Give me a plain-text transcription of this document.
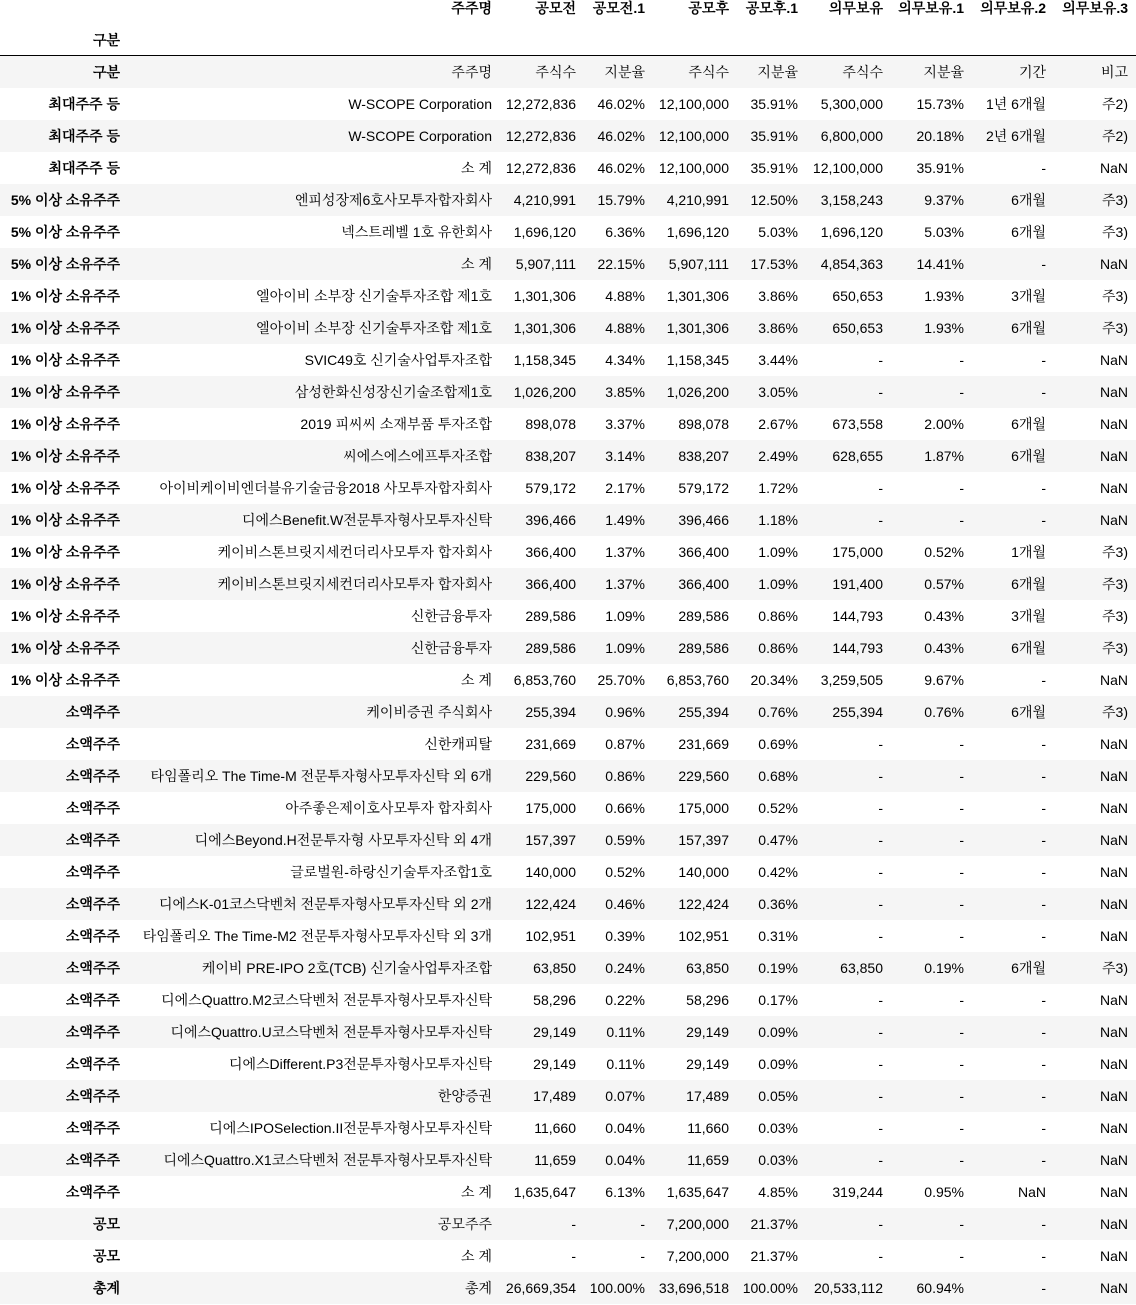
	주주명	공모전	공모전.1	공모후	공모후.1	의무보유	의무보유.1	의무보유.2	의무보유.3
구분									
구분	주주명	주식수	지분율	주식수	지분율	주식수	지분율	기간	비고
최대주주 등	W-SCOPE Corporation	12,272,836	46.02%	12,100,000	35.91%	5,300,000	15.73%	1년 6개월	주2)
최대주주 등	W-SCOPE Corporation	12,272,836	46.02%	12,100,000	35.91%	6,800,000	20.18%	2년 6개월	주2)
최대주주 등	소 계	12,272,836	46.02%	12,100,000	35.91%	12,100,000	35.91%	-	NaN
5% 이상 소유주주	엔피성장제6호사모투자합자회사	4,210,991	15.79%	4,210,991	12.50%	3,158,243	9.37%	6개월	주3)
5% 이상 소유주주	넥스트레벨 1호 유한회사	1,696,120	6.36%	1,696,120	5.03%	1,696,120	5.03%	6개월	주3)
5% 이상 소유주주	소 계	5,907,111	22.15%	5,907,111	17.53%	4,854,363	14.41%	-	NaN
1% 이상 소유주주	엘아이비 소부장 신기술투자조합 제1호	1,301,306	4.88%	1,301,306	3.86%	650,653	1.93%	3개월	주3)
1% 이상 소유주주	엘아이비 소부장 신기술투자조합 제1호	1,301,306	4.88%	1,301,306	3.86%	650,653	1.93%	6개월	주3)
1% 이상 소유주주	SVIC49호 신기술사업투자조합	1,158,345	4.34%	1,158,345	3.44%	-	-	-	NaN
1% 이상 소유주주	삼성한화신성장신기술조합제1호	1,026,200	3.85%	1,026,200	3.05%	-	-	-	NaN
1% 이상 소유주주	2019 피씨씨 소재부품 투자조합	898,078	3.37%	898,078	2.67%	673,558	2.00%	6개월	NaN
1% 이상 소유주주	씨에스에스에프투자조합	838,207	3.14%	838,207	2.49%	628,655	1.87%	6개월	NaN
1% 이상 소유주주	아이비케이비엔더블유기술금융2018 사모투자합자회사	579,172	2.17%	579,172	1.72%	-	-	-	NaN
1% 이상 소유주주	디에스Benefit.W전문투자형사모투자신탁	396,466	1.49%	396,466	1.18%	-	-	-	NaN
1% 이상 소유주주	케이비스톤브릿지세컨더리사모투자 합자회사	366,400	1.37%	366,400	1.09%	175,000	0.52%	1개월	주3)
1% 이상 소유주주	케이비스톤브릿지세컨더리사모투자 합자회사	366,400	1.37%	366,400	1.09%	191,400	0.57%	6개월	주3)
1% 이상 소유주주	신한금융투자	289,586	1.09%	289,586	0.86%	144,793	0.43%	3개월	주3)
1% 이상 소유주주	신한금융투자	289,586	1.09%	289,586	0.86%	144,793	0.43%	6개월	주3)
1% 이상 소유주주	소 계	6,853,760	25.70%	6,853,760	20.34%	3,259,505	9.67%	-	NaN
소액주주	케이비증권 주식회사	255,394	0.96%	255,394	0.76%	255,394	0.76%	6개월	주3)
소액주주	신한캐피탈	231,669	0.87%	231,669	0.69%	-	-	-	NaN
소액주주	타임폴리오 The Time-M 전문투자형사모투자신탁 외 6개	229,560	0.86%	229,560	0.68%	-	-	-	NaN
소액주주	아주좋은제이호사모투자 합자회사	175,000	0.66%	175,000	0.52%	-	-	-	NaN
소액주주	디에스Beyond.H전문투자형 사모투자신탁 외 4개	157,397	0.59%	157,397	0.47%	-	-	-	NaN
소액주주	글로벌원-하랑신기술투자조합1호	140,000	0.52%	140,000	0.42%	-	-	-	NaN
소액주주	디에스K-01코스닥벤처 전문투자형사모투자신탁 외 2개	122,424	0.46%	122,424	0.36%	-	-	-	NaN
소액주주	타임폴리오 The Time-M2 전문투자형사모투자신탁 외 3개	102,951	0.39%	102,951	0.31%	-	-	-	NaN
소액주주	케이비 PRE-IPO 2호(TCB) 신기술사업투자조합	63,850	0.24%	63,850	0.19%	63,850	0.19%	6개월	주3)
소액주주	디에스Quattro.M2코스닥벤처 전문투자형사모투자신탁	58,296	0.22%	58,296	0.17%	-	-	-	NaN
소액주주	디에스Quattro.U코스닥벤처 전문투자형사모투자신탁	29,149	0.11%	29,149	0.09%	-	-	-	NaN
소액주주	디에스Different.P3전문투자형사모투자신탁	29,149	0.11%	29,149	0.09%	-	-	-	NaN
소액주주	한양증권	17,489	0.07%	17,489	0.05%	-	-	-	NaN
소액주주	디에스IPOSelection.II전문투자형사모투자신탁	11,660	0.04%	11,660	0.03%	-	-	-	NaN
소액주주	디에스Quattro.X1코스닥벤처 전문투자형사모투자신탁	11,659	0.04%	11,659	0.03%	-	-	-	NaN
소액주주	소 계	1,635,647	6.13%	1,635,647	4.85%	319,244	0.95%	NaN	NaN
공모	공모주주	-	-	7,200,000	21.37%	-	-	-	NaN
공모	소 계	-	-	7,200,000	21.37%	-	-	-	NaN
총계	총계	26,669,354	100.00%	33,696,518	100.00%	20,533,112	60.94%	-	NaN
